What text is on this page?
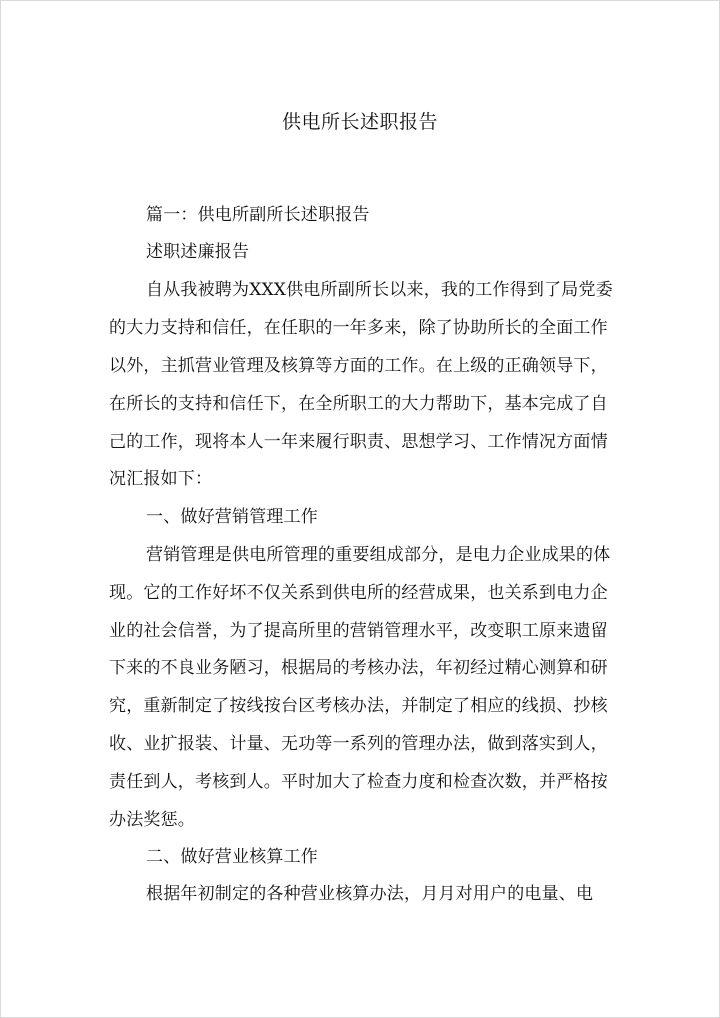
供电所长述职报告
篇一：供电所副所长述职报告
述职述廉报告
自从我被聘为XXX供电所副所长以来，我的工作得到了局党委
的大力支持和信任，在任职的一年多来，除了协助所长的全面工作
以外，主抓营业管理及核算等方面的工作。在上级的正确领导下，
在所长的支持和信任下，在全所职工的大力帮助下，基本完成了自
己的工作，现将本人一年来履行职责、思想学习、工作情况方面情
况汇报如下：
一、做好营销管理工作
营销管理是供电所管理的重要组成部分，是电力企业成果的体
现。它的工作好坏不仅关系到供电所的经营成果，也关系到电力企
业的社会信誉，为了提高所里的营销管理水平，改变职工原来遗留
下来的不良业务陋习，根据局的考核办法，年初经过精心测算和研
究，重新制定了按线按台区考核办法，并制定了相应的线损、抄核
收、业扩报装、计量、无功等一系列的管理办法，做到落实到人，
责任到人，考核到人。平时加大了检查力度和检查次数，并严格按
办法奖惩。
二、做好营业核算工作
根据年初制定的各种营业核算办法，月月对用户的电量、电
